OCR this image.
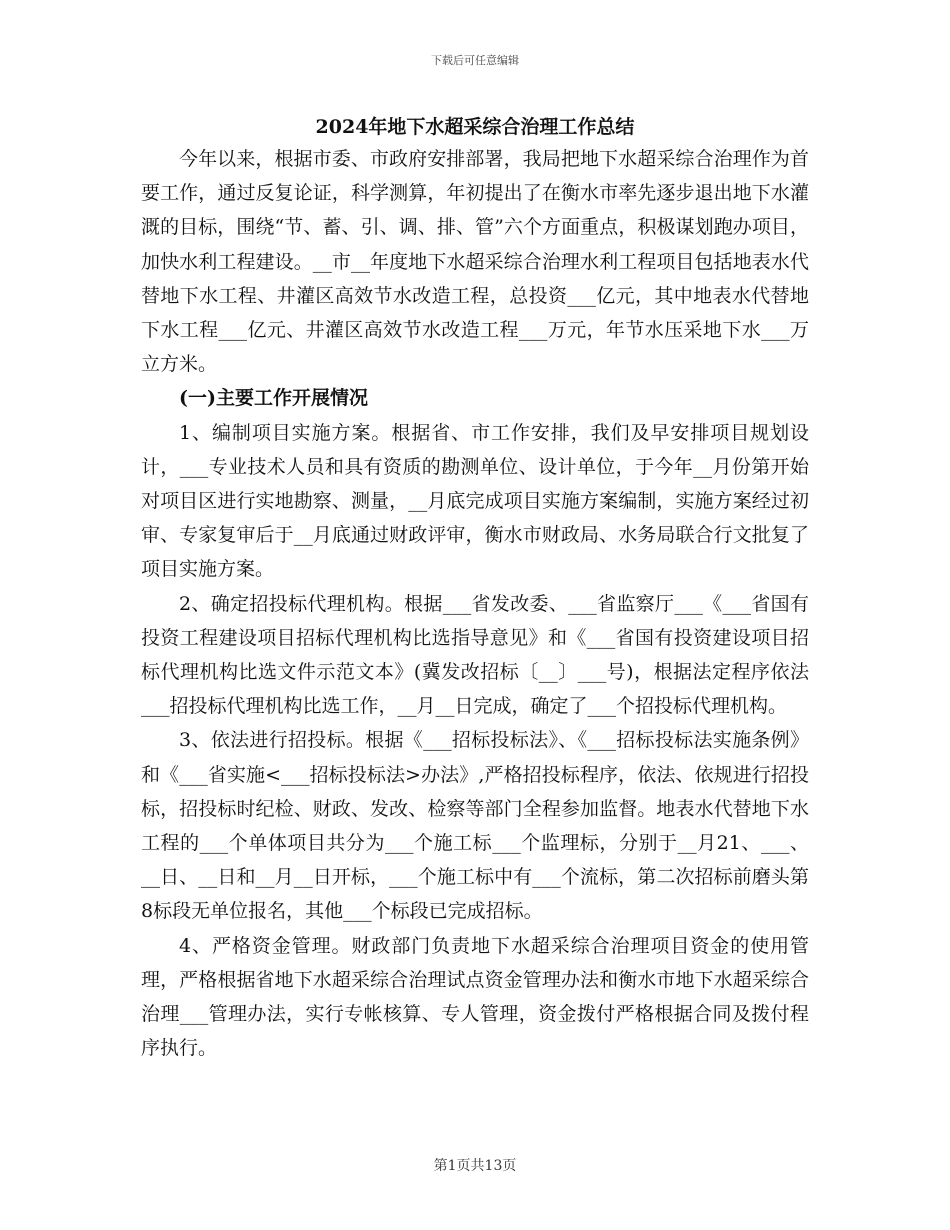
下载后可任意编辑
2024年地下水超采综合治理工作总结

今年以来，根据市委、市政府安排部署，我局把地下水超采综合治理作为首要工作，通过反复论证，科学测算，年初提出了在衡水市率先逐步退出地下水灌溉的目标，围绕“节、蓄、引、调、排、管”六个方面重点，积极谋划跑办项目，加快水利工程建设。__市__年度地下水超采综合治理水利工程项目包括地表水代替地下水工程、井灌区高效节水改造工程，总投资___亿元，其中地表水代替地下水工程___亿元、井灌区高效节水改造工程___万元，年节水压采地下水___万立方米。

(一)主要工作开展情况

1、编制项目实施方案。根据省、市工作安排，我们及早安排项目规划设计，___专业技术人员和具有资质的勘测单位、设计单位，于今年__月份第开始对项目区进行实地勘察、测量，__月底完成项目实施方案编制，实施方案经过初审、专家复审后于__月底通过财政评审，衡水市财政局、水务局联合行文批复了项目实施方案。

2、确定招投标代理机构。根据___省发改委、___省监察厅___《___省国有投资工程建设项目招标代理机构比选指导意见》和《___省国有投资建设项目招标代理机构比选文件示范文本》(冀发改招标〔__〕___号)，根据法定程序依法___招投标代理机构比选工作，__月__日完成，确定了___个招投标代理机构。

3、依法进行招投标。根据《___招标投标法》、《___招标投标法实施条例》和《___省实施<___招标投标法>办法》,严格招投标程序，依法、依规进行招投标，招投标时纪检、财政、发改、检察等部门全程参加监督。地表水代替地下水工程的___个单体项目共分为___个施工标___个监理标，分别于__月21、___、__日、__日和__月__日开标，___个施工标中有___个流标，第二次招标前磨头第8标段无单位报名，其他___个标段已完成招标。

4、严格资金管理。财政部门负责地下水超采综合治理项目资金的使用管理，严格根据省地下水超采综合治理试点资金管理办法和衡水市地下水超采综合治理___管理办法，实行专帐核算、专人管理，资金拨付严格根据合同及拨付程序执行。

第1页共13页
